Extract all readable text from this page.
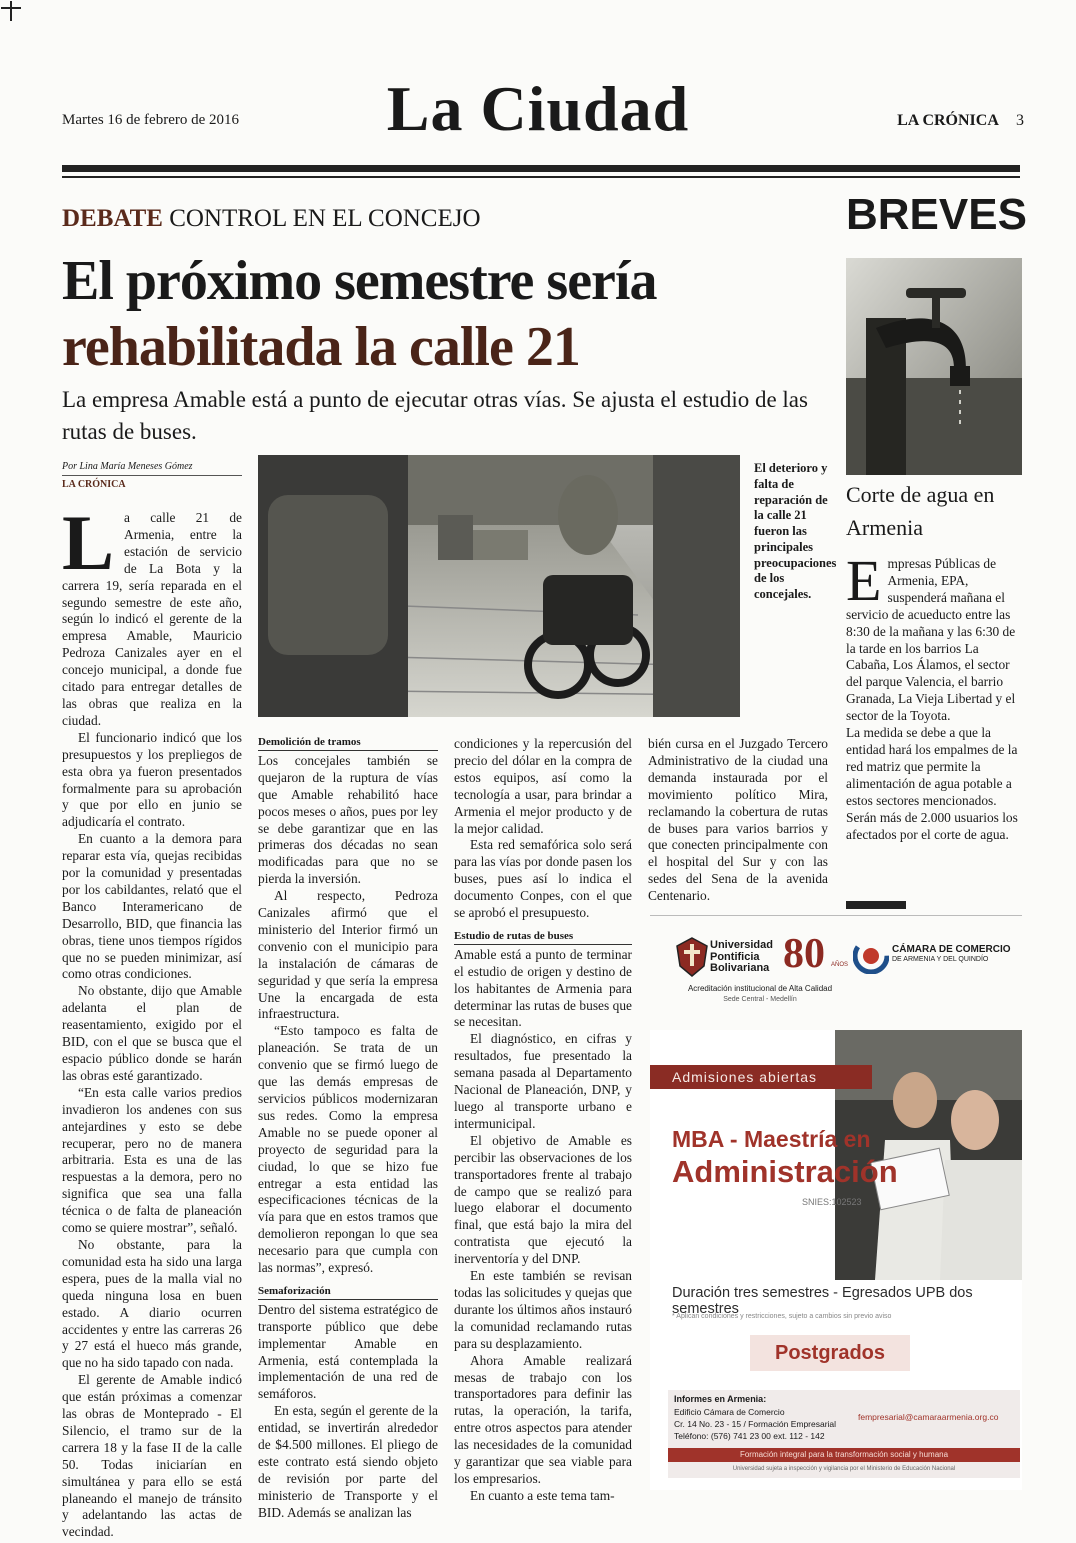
Martes 16 de febrero de 2016	La Ciudad	LA CRÓNICA 3
DEBATE CONTROL EN EL CONCEJO
El próximo semestre sería
rehabilitada la calle 21
La empresa Amable está a punto de ejecutar otras vías. Se ajusta el estudio de las rutas de buses.
Por Lina María Meneses Gómez
LA CRÓNICA

La calle 21 de Armenia, entre la estación de servicio de La Bota y la carrera 19, sería reparada en el segundo semestre de este año, según lo indicó el gerente de la empresa Amable, Mauricio Pedroza Canizales ayer en el concejo municipal, a donde fue citado para entregar detalles de las obras que realiza en la ciudad.

El funcionario indicó que los presupuestos y los prepliegos de esta obra ya fueron presentados formalmente para su aprobación y que por ello en junio se adjudicaría el contrato.

En cuanto a la demora para reparar esta vía, quejas recibidas por la comunidad y presentadas por los cabildantes, relató que el Banco Interamericano de Desarrollo, BID, que financia las obras, tiene unos tiempos rígidos que no se pueden minimizar, así como otras condiciones.

No obstante, dijo que Amable adelanta el plan de reasentamiento, exigido por el BID, con el que se busca que el espacio público donde se harán las obras esté garantizado.

“En esta calle varios predios invadieron los andenes con sus antejardines y esto se debe recuperar, pero no de manera arbitraria. Esta es una de las respuestas a la demora, pero no significa que sea una falla técnica o de falta de planeación como se quiere mostrar”, señaló.

No obstante, para la comunidad esta ha sido una larga espera, pues de la malla vial no queda ninguna losa en buen estado. A diario ocurren accidentes y entre las carreras 26 y 27 está el hueco más grande, que no ha sido tapado con nada.

El gerente de Amable indicó que están próximas a comenzar las obras de Monteprado - El Silencio, el tramo sur de la carrera 18 y la fase II de la calle 50. Todas iniciarían en simultánea y para ello se está planeando el manejo de tránsito y adelantando las actas de vecindad.

El deterioro y falta de reparación de la calle 21 fueron las principales preocupaciones de los concejales.

Demolición de tramos

Los concejales también se quejaron de la ruptura de vías que Amable rehabilitó hace pocos meses o años, pues por ley se debe garantizar que en las primeras dos décadas no sean modificadas para que no se pierda la inversión.

Al respecto, Pedroza Canizales afirmó que el ministerio del Interior firmó un convenio con el municipio para la instalación de cámaras de seguridad y que sería la empresa Une la encargada de esta infraestructura.

“Esto tampoco es falta de planeación. Se trata de un convenio que se firmó luego de que las demás empresas de servicios públicos modernizaran sus redes. Como la empresa Amable no se puede oponer al proyecto de seguridad para la ciudad, lo que se hizo fue entregar a esta entidad las especificaciones técnicas de la vía para que en estos tramos que demolieron repongan lo que sea necesario para que cumpla con las normas”, expresó.

Semaforización

Dentro del sistema estratégico de transporte público que debe implementar Amable en Armenia, está contemplada la implementación de una red de semáforos.

En esta, según el gerente de la entidad, se invertirán alrededor de $4.500 millones. El pliego de este contrato está siendo objeto de revisión por parte del ministerio de Transporte y el BID. Además se analizan las

condiciones y la repercusión del precio del dólar en la compra de estos equipos, así como la tecnología a usar, para brindar a Armenia el mejor producto y de la mejor calidad.

Esta red semafórica solo será para las vías por donde pasen los buses, pues así lo indica el documento Conpes, con el que se aprobó el presupuesto.

Estudio de rutas de buses

Amable está a punto de terminar el estudio de origen y destino de los habitantes de Armenia para determinar las rutas de buses que se necesitan.

El diagnóstico, en cifras y resultados, fue presentado la semana pasada al Departamento Nacional de Planeación, DNP, y luego al transporte urbano e intermunicipal.

El objetivo de Amable es percibir las observaciones de los transportadores frente al trabajo de campo que se realizó para luego elaborar el documento final, que está bajo la mira del contratista que ejecutó la inerventoría y del DNP.

En este también se revisan todas las solicitudes y quejas que durante los últimos años instauró la comunidad reclamando rutas para su desplazamiento.

Ahora Amable realizará mesas de trabajo con los transportadores para definir las rutas, la operación, la tarifa, entre otros aspectos para atender las necesidades de la comunidad y garantizar que sea viable para los empresarios.

En cuanto a este tema tam-

bién cursa en el Juzgado Tercero Administrativo de la ciudad una demanda instaurada por el movimiento político Mira, reclamando la cobertura de rutas de buses para varios barrios y que conecten principalmente con el hospital del Sur y con las sedes del Sena de la avenida Centenario.

BREVES
Corte de agua en Armenia

Empresas Públicas de Armenia, EPA, suspenderá mañana el servicio de acueducto entre las 8:30 de la mañana y las 6:30 de la tarde en los barrios La Cabaña, Los Álamos, el sector del parque Valencia, el barrio Granada, La Vieja Libertad y el sector de la Toyota.

La medida se debe a que la entidad hará los empalmes de la red matriz que permite la alimentación de agua potable a estos sectores mencionados.

Serán más de 2.000 usuarios los afectados por el corte de agua.

Universidad Pontificia Bolivariana 80 AÑOS
Acreditación institucional de Alta Calidad
Sede Central - Medellín
CÁMARA DE COMERCIO
DE ARMENIA Y DEL QUINDÍO
Admisiones abiertas
MBA - Maestría en
Administración
SNIES:102523
Duración tres semestres - Egresados UPB dos semestres
* Aplican condiciones y restricciones, sujeto a cambios sin previo aviso
Postgrados
Informes en Armenia:
Edificio Cámara de Comercio
Cr. 14 No. 23 - 15 / Formación Empresarial
Teléfono: (576) 741 23 00 ext. 112 - 142
fempresarial@camaraarmenia.org.co
Formación integral para la transformación social y humana
Universidad sujeta a inspección y vigilancia por el Ministerio de Educación Nacional
